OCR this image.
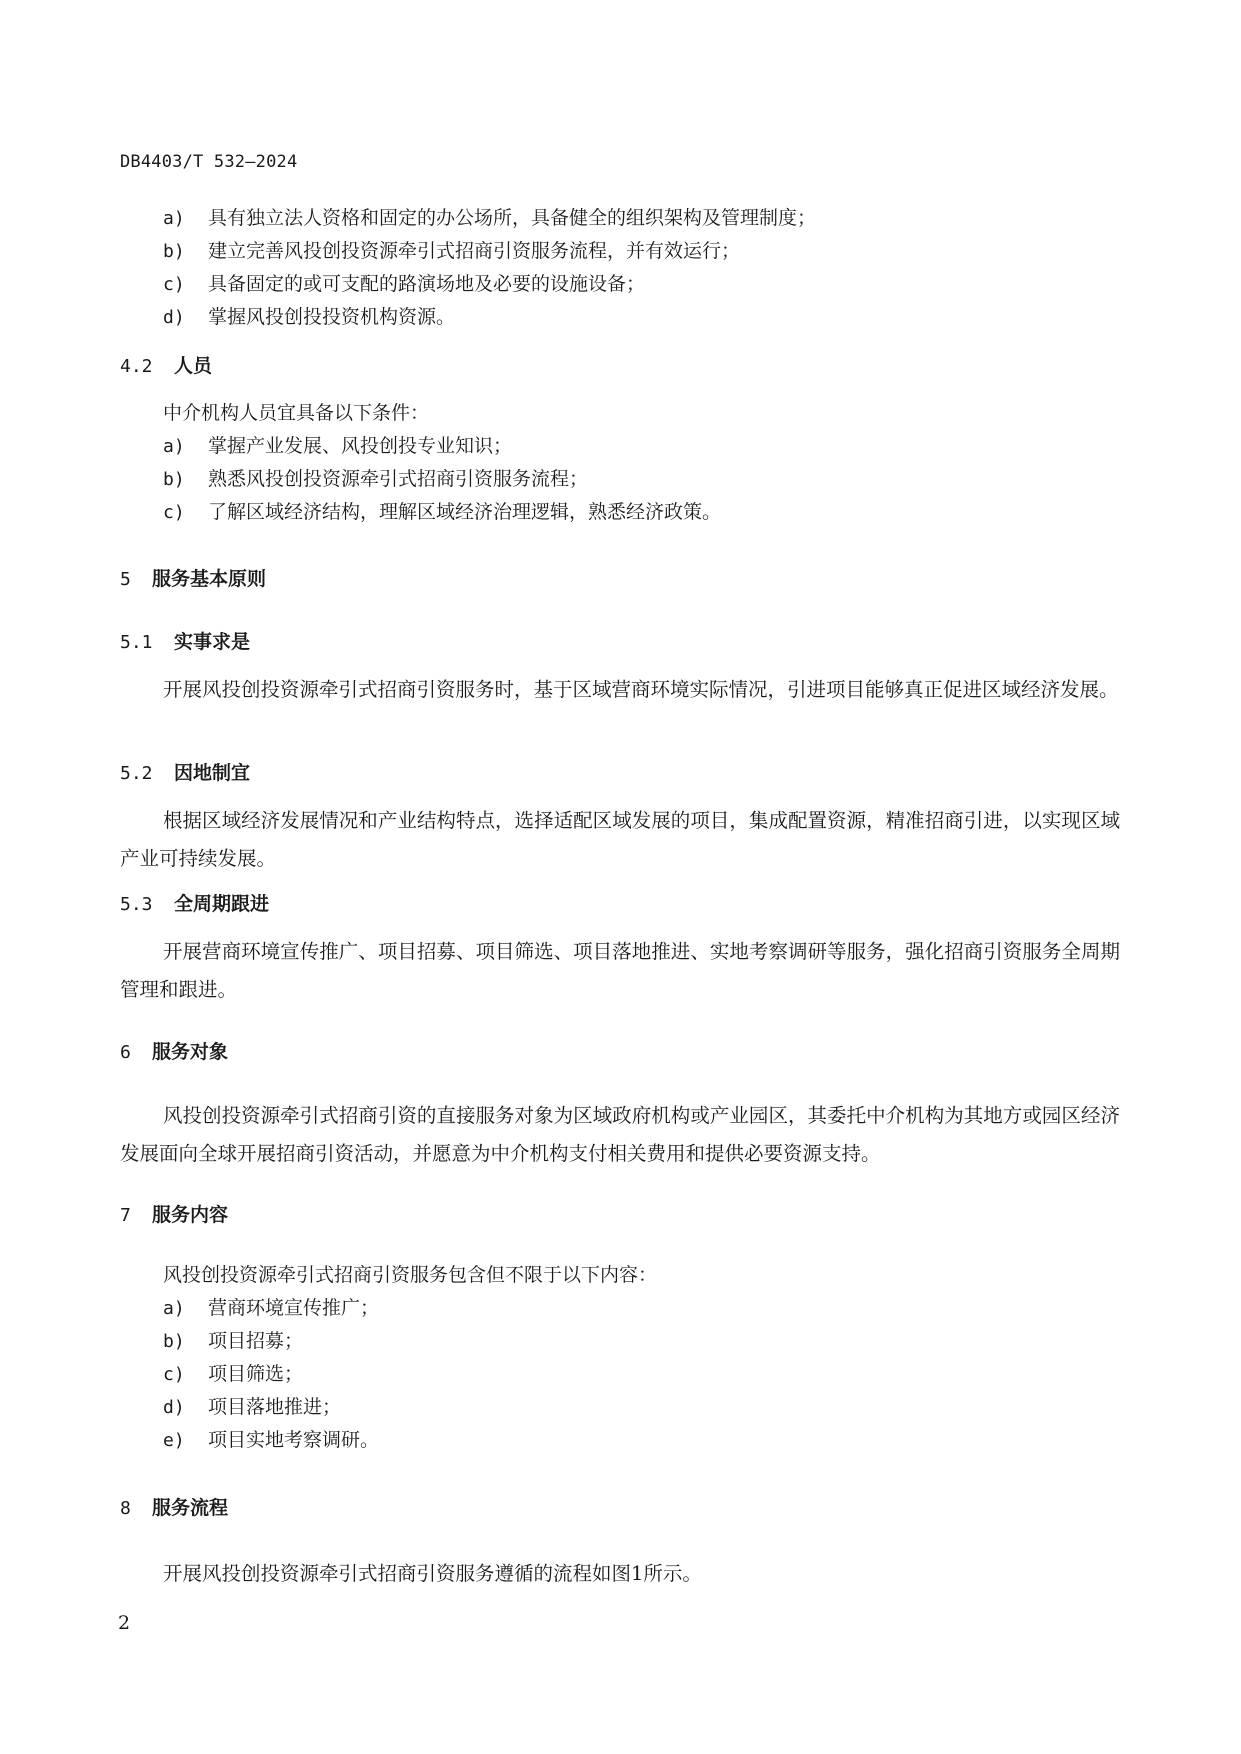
DB4403/T 532—2024
a) 具有独立法人资格和固定的办公场所，具备健全的组织架构及管理制度；
b) 建立完善风投创投资源牵引式招商引资服务流程，并有效运行；
c) 具备固定的或可支配的路演场地及必要的设施设备；
d) 掌握风投创投投资机构资源。
4.2 人员
中介机构人员宜具备以下条件：
a) 掌握产业发展、风投创投专业知识；
b) 熟悉风投创投资源牵引式招商引资服务流程；
c) 了解区域经济结构，理解区域经济治理逻辑，熟悉经济政策。
5 服务基本原则
5.1 实事求是
开展风投创投资源牵引式招商引资服务时，基于区域营商环境实际情况，引进项目能够真正促进区域经济发展。
5.2 因地制宜
根据区域经济发展情况和产业结构特点，选择适配区域发展的项目，集成配置资源，精准招商引进，以实现区域产业可持续发展。
5.3 全周期跟进
开展营商环境宣传推广、项目招募、项目筛选、项目落地推进、实地考察调研等服务，强化招商引资服务全周期管理和跟进。
6 服务对象
风投创投资源牵引式招商引资的直接服务对象为区域政府机构或产业园区，其委托中介机构为其地方或园区经济发展面向全球开展招商引资活动，并愿意为中介机构支付相关费用和提供必要资源支持。
7 服务内容
风投创投资源牵引式招商引资服务包含但不限于以下内容：
a) 营商环境宣传推广；
b) 项目招募；
c) 项目筛选；
d) 项目落地推进；
e) 项目实地考察调研。
8 服务流程
开展风投创投资源牵引式招商引资服务遵循的流程如图1所示。
2
